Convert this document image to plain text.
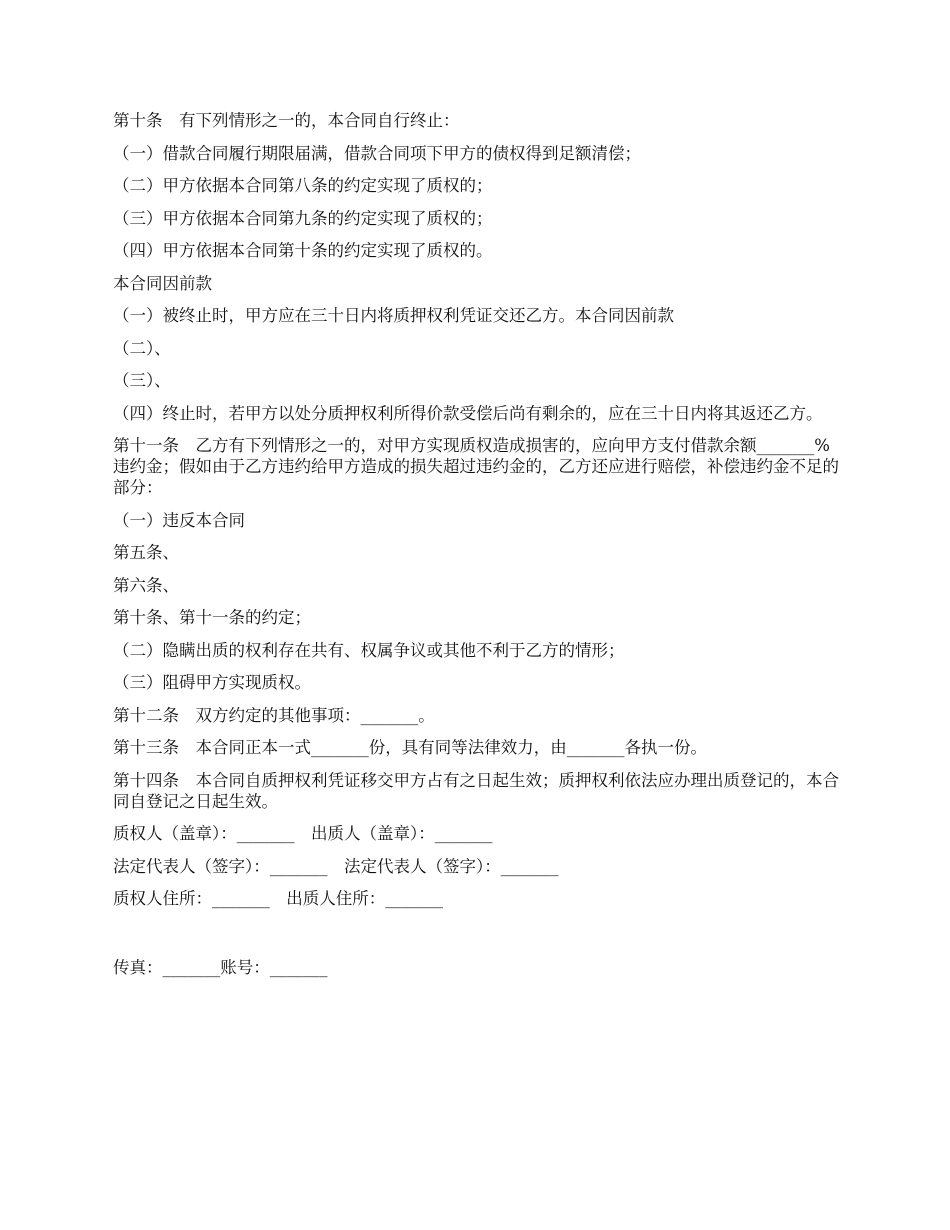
第十条　有下列情形之一的，本合同自行终止：
（一）借款合同履行期限届满，借款合同项下甲方的债权得到足额清偿；
（二）甲方依据本合同第八条的约定实现了质权的；
（三）甲方依据本合同第九条的约定实现了质权的；
（四）甲方依据本合同第十条的约定实现了质权的。
本合同因前款
（一）被终止时，甲方应在三十日内将质押权利凭证交还乙方。本合同因前款
（二）、
（三）、
（四）终止时，若甲方以处分质押权利所得价款受偿后尚有剩余的，应在三十日内将其返还乙方。
第十一条　乙方有下列情形之一的，对甲方实现质权造成损害的，应向甲方支付借款余额_______%违约金；假如由于乙方违约给甲方造成的损失超过违约金的，乙方还应进行赔偿，补偿违约金不足的部分：
（一）违反本合同
第五条、
第六条、
第十条、第十一条的约定；
（二）隐瞒出质的权利存在共有、权属争议或其他不利于乙方的情形；
（三）阻碍甲方实现质权。
第十二条　双方约定的其他事项：_______。
第十三条　本合同正本一式_______份，具有同等法律效力，由_______各执一份。
第十四条　本合同自质押权利凭证移交甲方占有之日起生效；质押权利依法应办理出质登记的，本合同自登记之日起生效。
质权人（盖章）：_______　出质人（盖章）：_______
法定代表人（签字）：_______　法定代表人（签字）：_______
质权人住所：_______　出质人住所：_______
传真：_______账号：_______
